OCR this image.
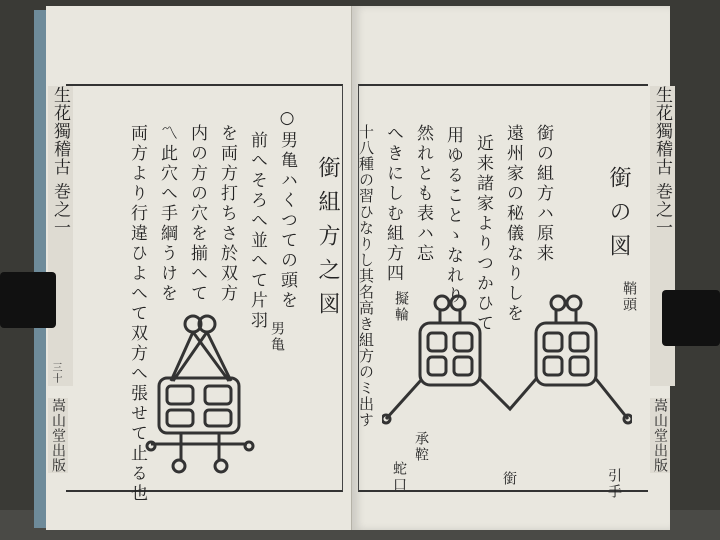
生花獨稽古 巻之一
三十
嵩山堂出版
銜組方之図
○男亀ハくつての頭を
前へそろへ並へて片羽
を両方打ちさ於双方
内の方の穴を揃へて
〽此穴へ手綱うけを
両方より行違ひよへて双方へ張せて止る也	男亀
生花獨稽古 巻之一
嵩山堂出版
銜の図
銜の組方ハ原来
遠州家の秘儀なりしを
近来諸家よりつかひて
用ゆることゝなれり
然れとも表ハ忘
へきにしむ組方四
十八種の習ひなりし其名高き組方のミ出す	鞘頭
擬輪
引手
承鞚
蛇口	銜
